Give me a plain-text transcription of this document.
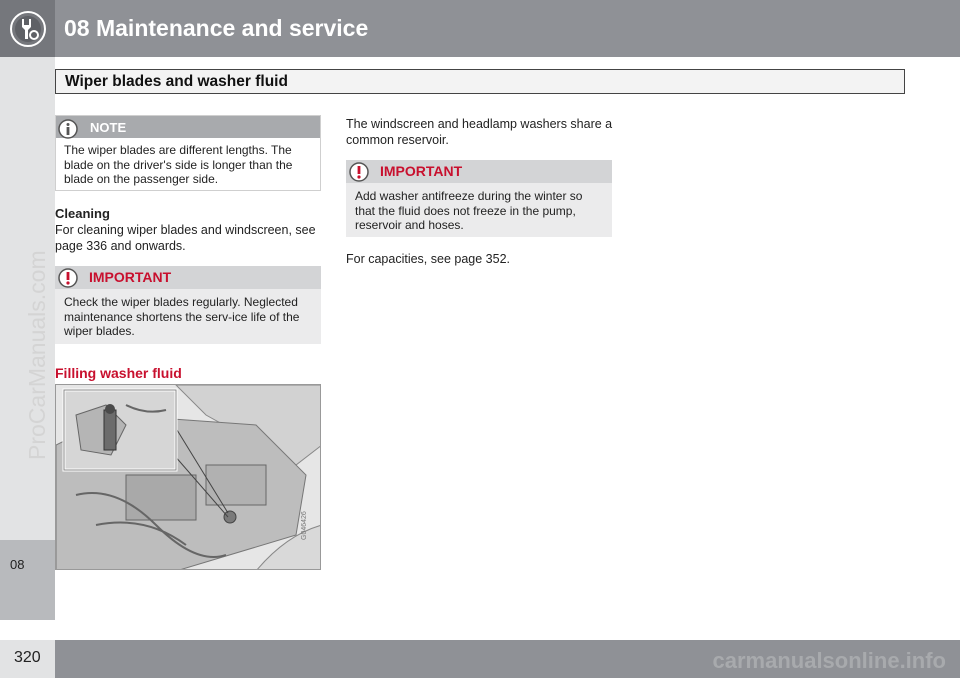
08 Maintenance and service
08
ProCarManuals.com
Wiper blades and washer fluid
NOTE
The wiper blades are different lengths. The blade on the driver's side is longer than the blade on the passenger side.
Cleaning
For cleaning wiper blades and windscreen, see page 336 and onwards.
IMPORTANT
Check the wiper blades regularly. Neglected maintenance shortens the serv-ice life of the wiper blades.
Filling washer fluid
G046426
The windscreen and headlamp washers share a common reservoir.
IMPORTANT
Add washer antifreeze during the winter so that the fluid does not freeze in the pump, reservoir and hoses.
For capacities, see page 352.
320	carmanualsonline.info
